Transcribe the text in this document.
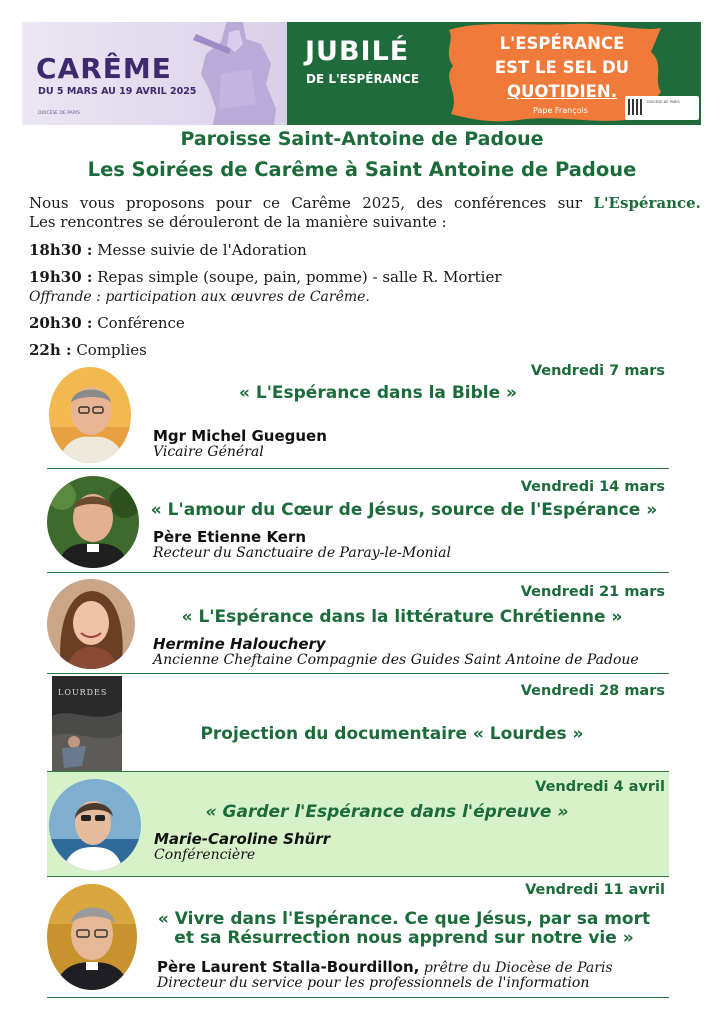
CARÊME
DU 5 MARS AU 19 AVRIL 2025
DIOCÈSE DE PARIS
JUBILÉ
DE L'ESPÉRANCE
L'ESPÉRANCE
EST LE SEL DU
QUOTIDIEN.
Pape François
DIOCÈSE DE PARIS
Paroisse Saint-Antoine de Padoue
Les Soirées de Carême à Saint Antoine de Padoue
Nous vous proposons pour ce Carême 2025, des conférences sur L'Espérance.
Les rencontres se dérouleront de la manière suivante :
18h30 : Messe suivie de l'Adoration
19h30 : Repas simple (soupe, pain, pomme) - salle R. Mortier
Offrande : participation aux œuvres de Carême.
20h30 : Conférence
22h : Complies
Vendredi 7 mars
« L'Espérance dans la Bible »
Mgr Michel Gueguen
Vicaire Général
Vendredi 14 mars
« L'amour du Cœur de Jésus, source de l'Espérance »
Père Etienne Kern
Recteur du Sanctuaire de Paray-le-Monial
Vendredi 21 mars
« L'Espérance dans la littérature Chrétienne »
Hermine Halouchery
Ancienne Cheftaine Compagnie des Guides Saint Antoine de Padoue
LOURDES	Vendredi 28 mars
Projection du documentaire « Lourdes »
Vendredi 4 avril
« Garder l'Espérance dans l'épreuve »
Marie-Caroline Shürr
Conférencière
Vendredi 11 avril
« Vivre dans l'Espérance. Ce que Jésus, par sa mort
et sa Résurrection nous apprend sur notre vie »
Père Laurent Stalla-Bourdillon, prêtre du Diocèse de Paris
Directeur du service pour les professionnels de l'information
